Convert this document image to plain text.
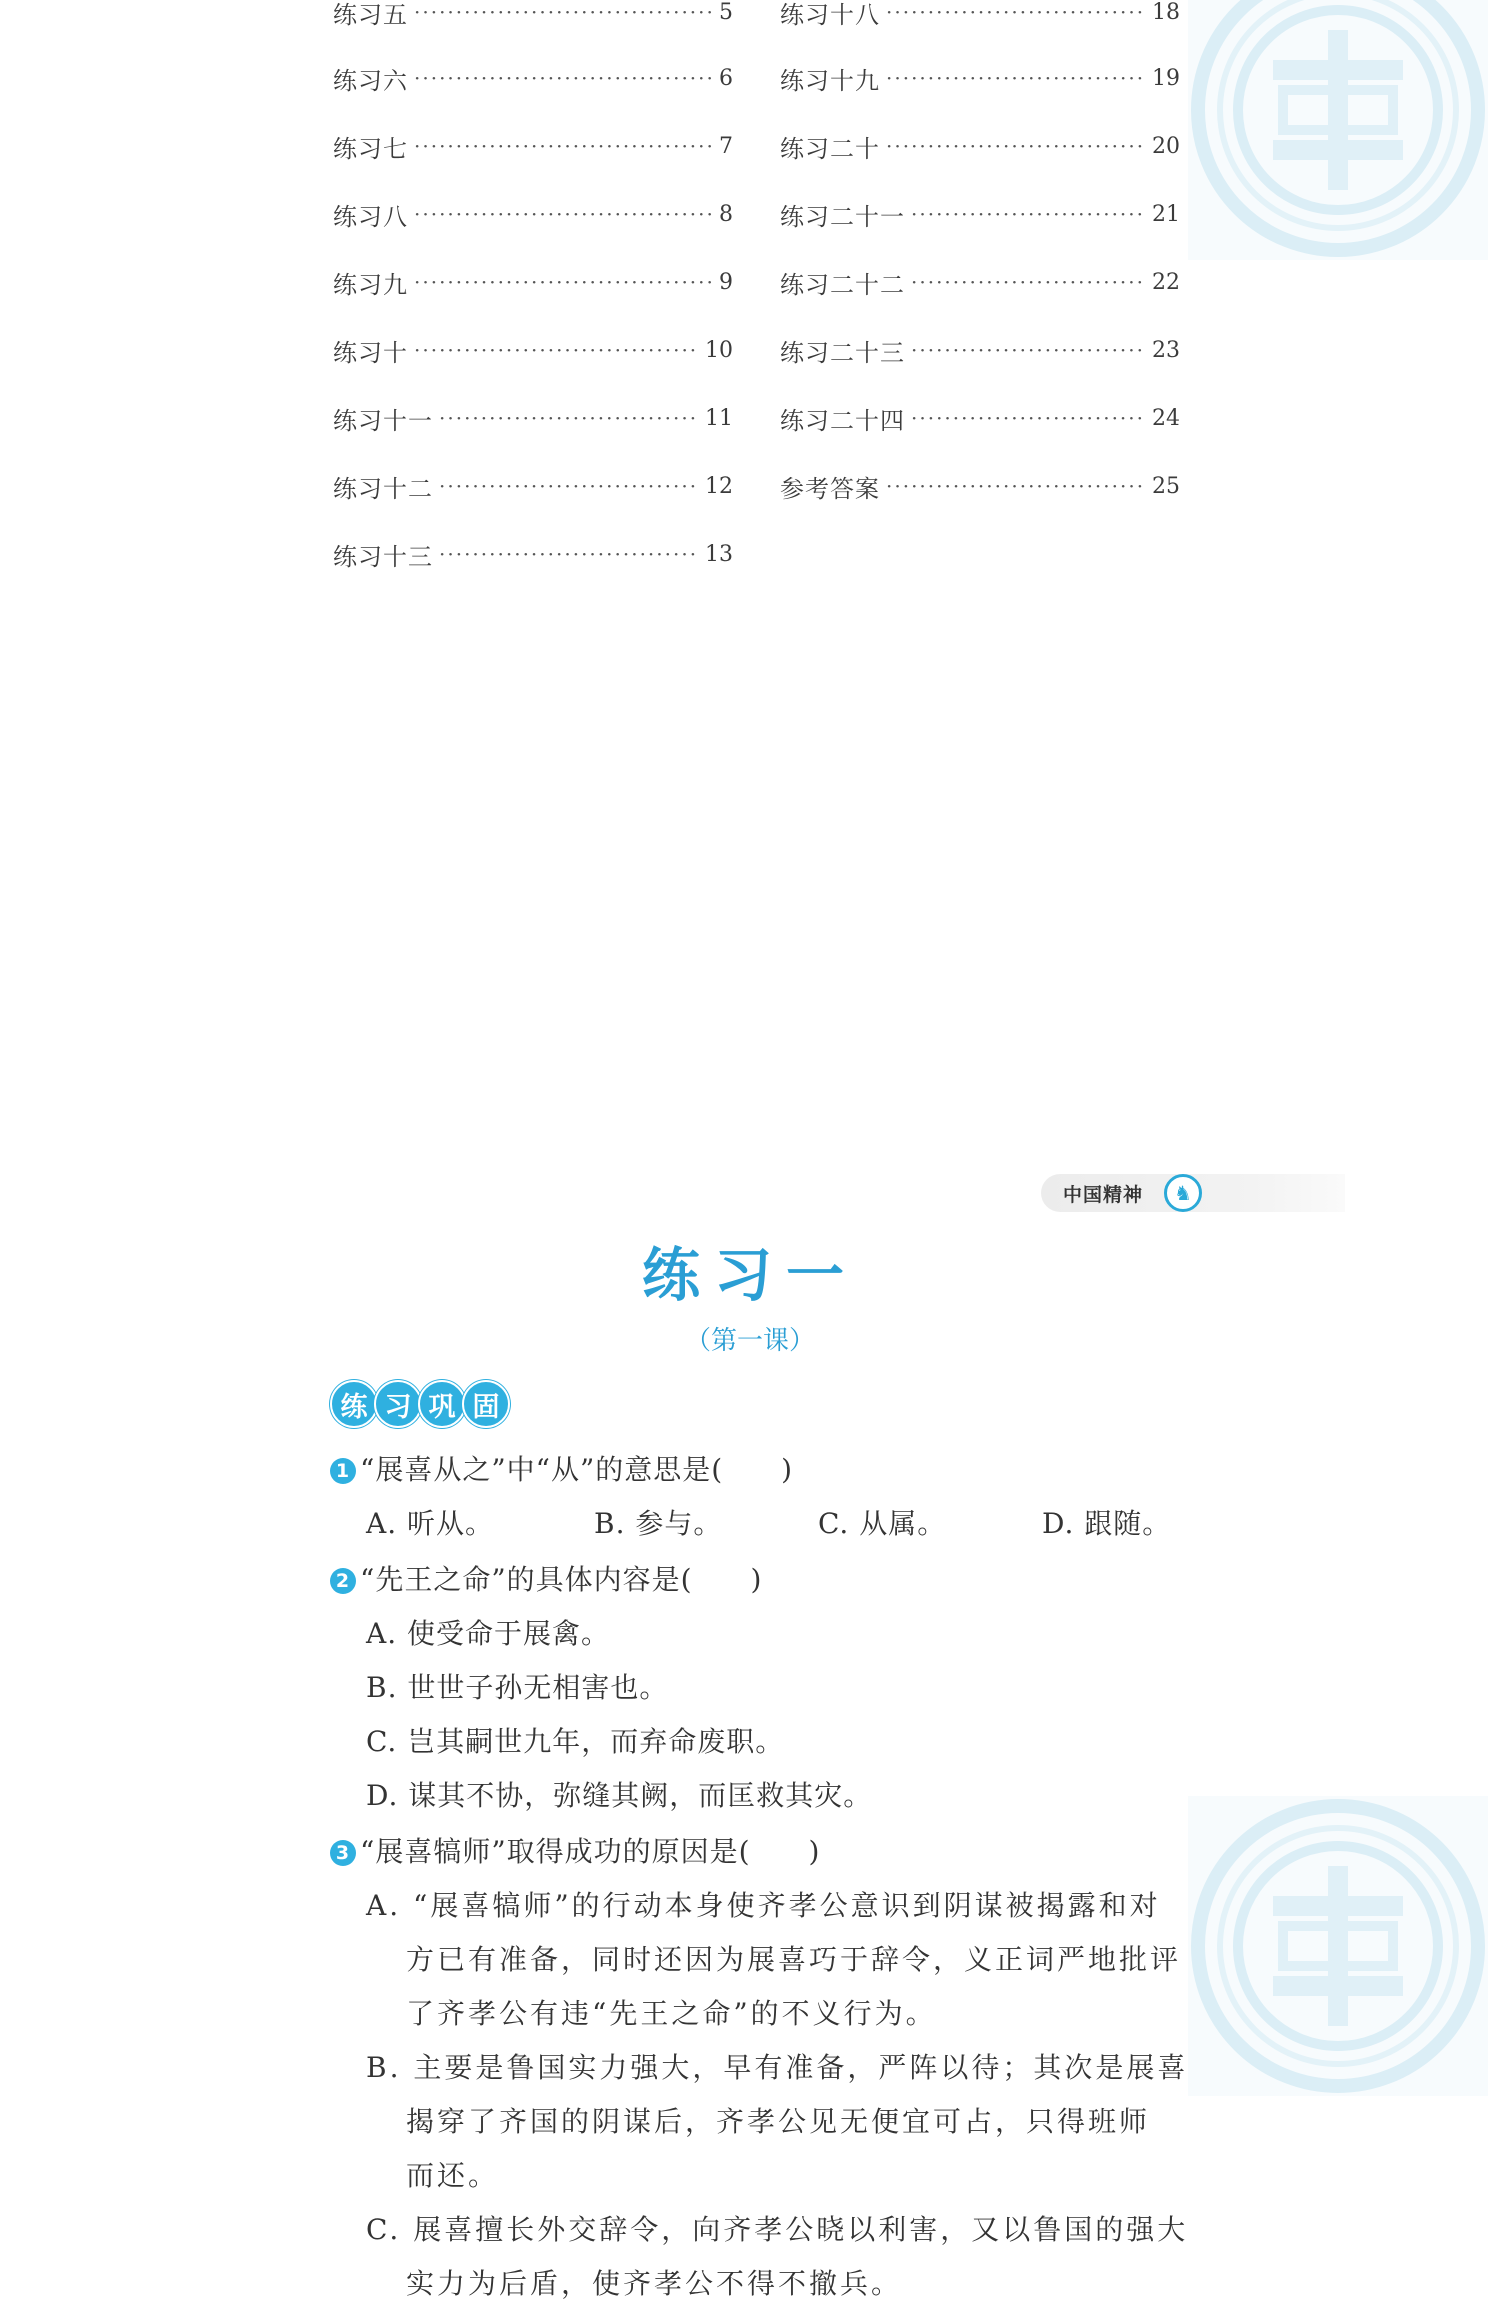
练习五 ·····	5
练习六 ·····	6
练习七 ·····	7
练习八 ·····	8
练习九 ·····	9
练习十 ·····	10
练习十一 ·····	11
练习十二 ·····	12
练习十三 ·····	13
练习十八 ·····	18
练习十九 ·····	19
练习二十 ·····	20
练习二十一 ·····	21
练习二十二 ·····	22
练习二十三 ·····	23
练习二十四 ·····	24
参考答案 ·····	25
中国精神	♞
练习一
（第一课）
练 习 巩 固
1 “展喜从之”中“从”的意思是(　　)
A. 听从。	B. 参与。	C. 从属。	D. 跟随。
2 “先王之命”的具体内容是(　　)
A. 使受命于展禽。
B. 世世子孙无相害也。
C. 岂其嗣世九年，而弃命废职。
D. 谋其不协，弥缝其阙，而匡救其灾。
3 “展喜犒师”取得成功的原因是(　　)
A. “展喜犒师”的行动本身使齐孝公意识到阴谋被揭露和对
方已有准备，同时还因为展喜巧于辞令，义正词严地批评
了齐孝公有违“先王之命”的不义行为。
B. 主要是鲁国实力强大，早有准备，严阵以待；其次是展喜
揭穿了齐国的阴谋后，齐孝公见无便宜可占，只得班师
而还。
C. 展喜擅长外交辞令，向齐孝公晓以利害，又以鲁国的强大
实力为后盾，使齐孝公不得不撤兵。
